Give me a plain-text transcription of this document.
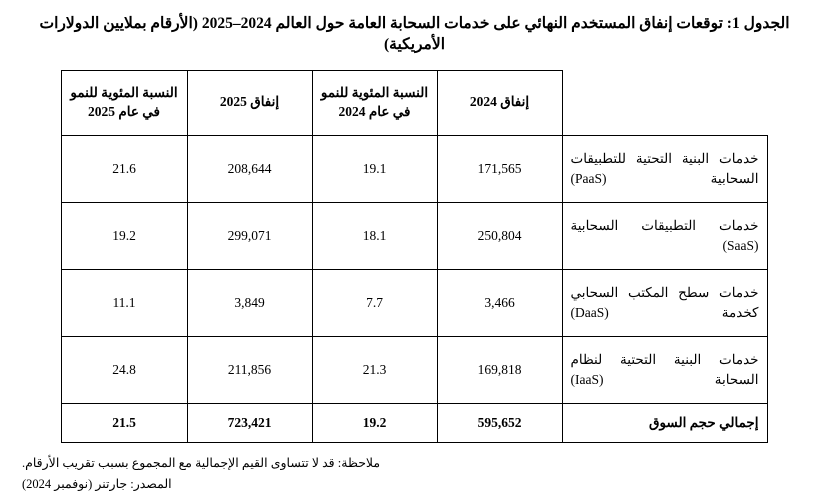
الجدول 1: توقعات إنفاق المستخدم النهائي على خدمات السحابة العامة حول العالم 2024–2025 (الأرقام بملايين الدولارات الأمريكية)
	إنفاق 2024	النسبة المئوية للنمو في عام 2024	إنفاق 2025	النسبة المئوية للنمو في عام 2025
خدمات البنية التحتية للتطبيقات السحابية (PaaS)	171,565	19.1	208,644	21.6
خدمات التطبيقات السحابية (SaaS)	250,804	18.1	299,071	19.2
خدمات سطح المكتب السحابي كخدمة (DaaS)	3,466	7.7	3,849	11.1
خدمات البنية التحتية لنظام السحابة (IaaS)	169,818	21.3	211,856	24.8
إجمالي حجم السوق	595,652	19.2	723,421	21.5
ملاحظة: قد لا تتساوى القيم الإجمالية مع المجموع بسبب تقريب الأرقام.
المصدر: جارتنر (نوفمبر 2024)
